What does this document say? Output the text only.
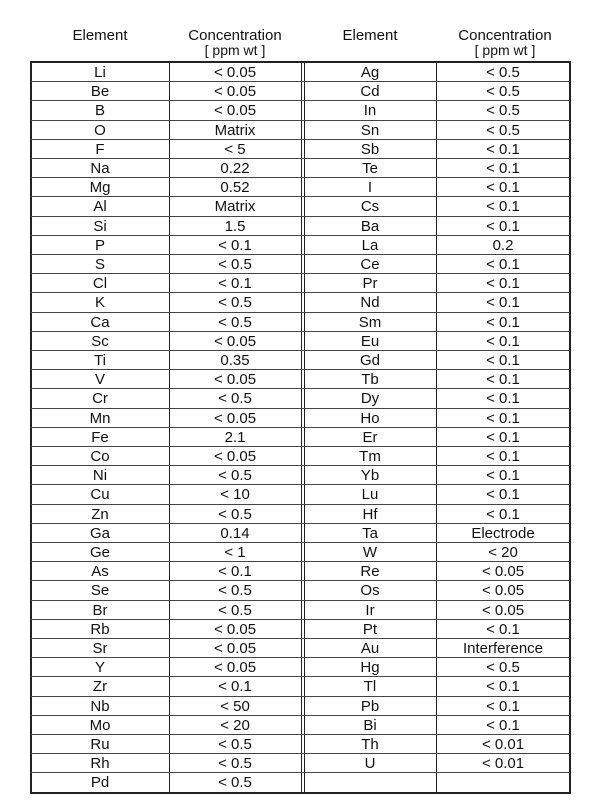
Element	Concentration
[ ppm wt ]
Element	Concentration
[ ppm wt ]
Li	< 0.05	Ag	< 0.5
Be	< 0.05	Cd	< 0.5
B	< 0.05	In	< 0.5
O	Matrix	Sn	< 0.5
F	< 5	Sb	< 0.1
Na	0.22	Te	< 0.1
Mg	0.52	I	< 0.1
Al	Matrix	Cs	< 0.1
Si	1.5	Ba	< 0.1
P	< 0.1	La	0.2
S	< 0.5	Ce	< 0.1
Cl	< 0.1	Pr	< 0.1
K	< 0.5	Nd	< 0.1
Ca	< 0.5	Sm	< 0.1
Sc	< 0.05	Eu	< 0.1
Ti	0.35	Gd	< 0.1
V	< 0.05	Tb	< 0.1
Cr	< 0.5	Dy	< 0.1
Mn	< 0.05	Ho	< 0.1
Fe	2.1	Er	< 0.1
Co	< 0.05	Tm	< 0.1
Ni	< 0.5	Yb	< 0.1
Cu	< 10	Lu	< 0.1
Zn	< 0.5	Hf	< 0.1
Ga	0.14	Ta	Electrode
Ge	< 1	W	< 20
As	< 0.1	Re	< 0.05
Se	< 0.5	Os	< 0.05
Br	< 0.5	Ir	< 0.05
Rb	< 0.05	Pt	< 0.1
Sr	< 0.05	Au	Interference
Y	< 0.05	Hg	< 0.5
Zr	< 0.1	Tl	< 0.1
Nb	< 50	Pb	< 0.1
Mo	< 20	Bi	< 0.1
Ru	< 0.5	Th	< 0.01
Rh	< 0.5	U	< 0.01
Pd	< 0.5
